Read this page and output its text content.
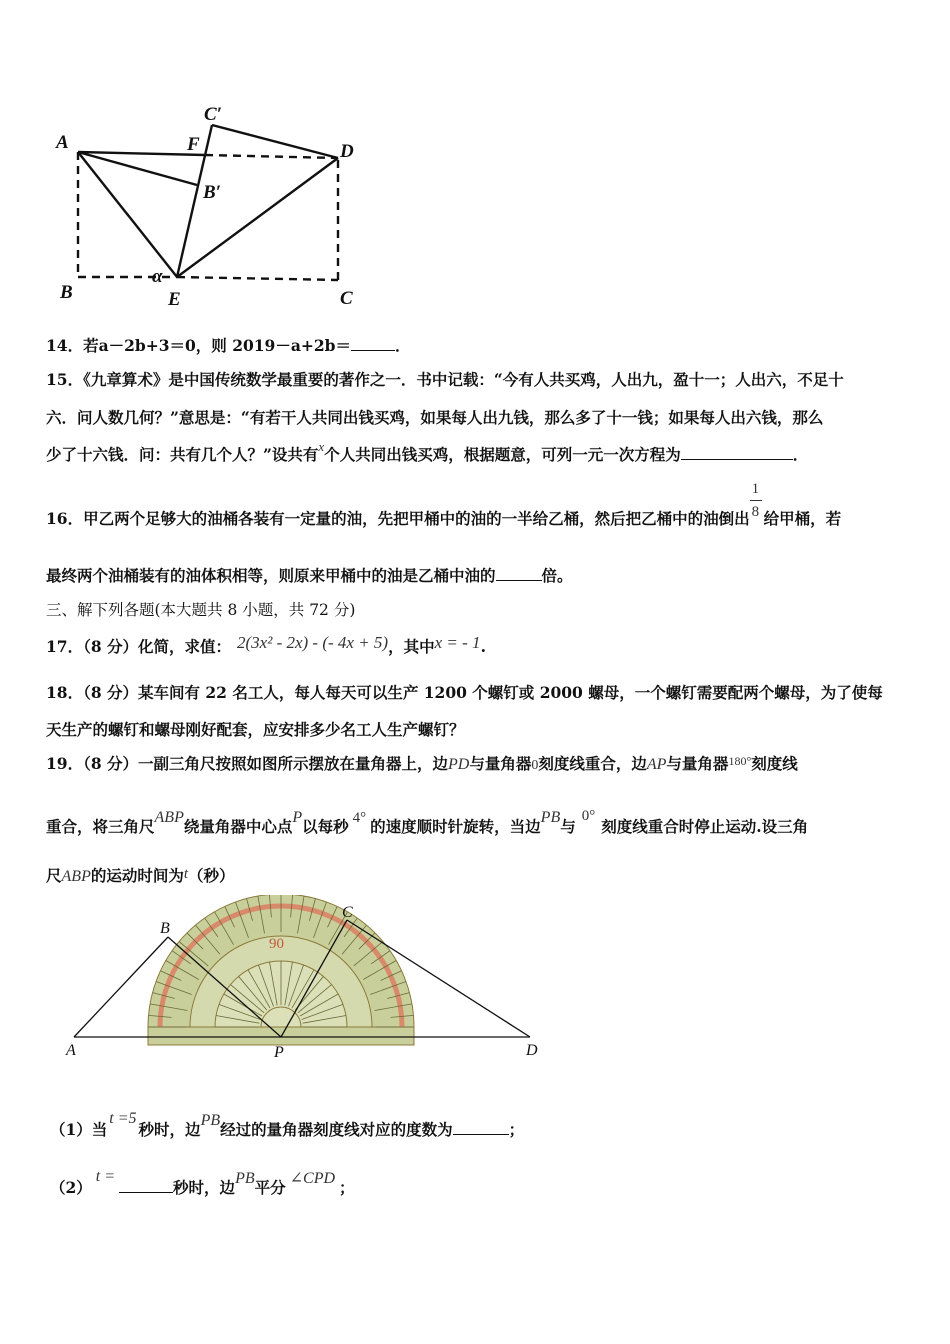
A	F
C′
D
B′
α
B	E	C
14．若a－2b+3＝0，则 2019－a+2b＝	．
15．《九章算术》是中国传统数学最重要的著作之一．书中记载：“今有人共买鸡，人出九，盈十一；人出六，不足十
六．问人数几何？”意思是：“有若干人共同出钱买鸡，如果每人出九钱，那么多了十一钱；如果每人出六钱，那么
少了十六钱．问：共有几个人？”设共有$^x$个人共同出钱买鸡，根据题意，可列一元一次方程为	．
16．甲乙两个足够大的油桶各装有一定量的油，先把甲桶中的油的一半给乙桶，然后把乙桶中的油倒出 $\frac{1}{8}$ 给甲桶，若
最终两个油桶装有的油体积相等，则原来甲桶中的油是乙桶中油的	倍。
三、解下列各题(本大题共 8 小题，共 72 分)
17．（8 分）化简，求值： 2(3x² - 2x) - (- 4x + 5)，其中x = - 1.
18．（8 分）某车间有 22 名工人，每人每天可以生产 1200 个螺钉或 2000 螺母，一个螺钉需要配两个螺母，为了使每
天生产的螺钉和螺母刚好配套，应安排多少名工人生产螺钉？
19．（8 分）一副三角尺按照如图所示摆放在量角器上，边PD与量角器0刻度线重合，边AP与量角器$^{180^\circ}$刻度线
重合，将三角尺ABP绕量角器中心点P以每秒 4° 的速度顺时针旋转，当边PB与0°刻度线重合时停止运动.设三角
尺ABP的运动时间为t（秒）
90
A
B
C
D
P
（1）当t =5秒时，边PB经过的量角器刻度线对应的度数为	；
（2）t =秒时，边PB平分 ∠CPD ；
